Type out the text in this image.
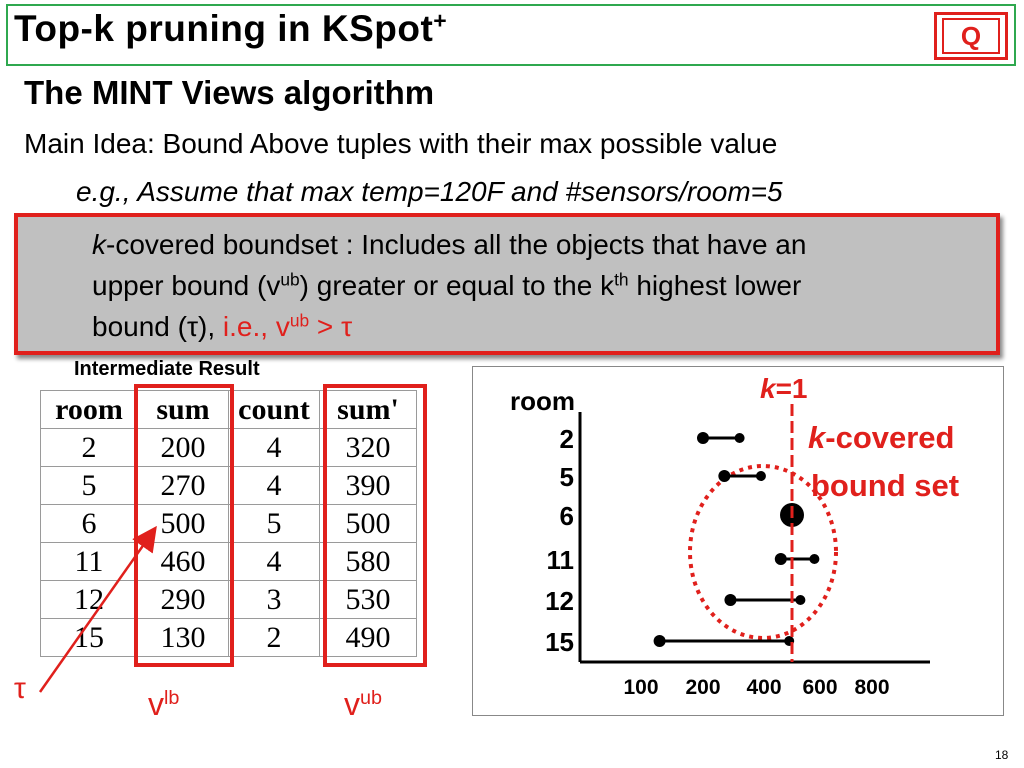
Top-k pruning in KSpot+
Q
The MINT Views algorithm
Main Idea: Bound Above tuples with their max possible value
e.g., Assume that max temp=120F and #sensors/room=5
k-covered boundset : Includes all the objects that have an
upper bound $(v^{ub})$ greater or equal to the $k^{th}$ highest lower
bound (τ), i.e., $v^{ub} > \tau$
Intermediate Result
room	sum	count	sum'
2	200	4	320
5	270	4	390
6	500	5	500
11	460	4	580
12	290	3	530
15	130	2	490
τ	$v^{lb}$	$v^{ub}$
room
2
5
6
11
12
15
100 200 400 600 800
k=1
k-covered
bound set
18
